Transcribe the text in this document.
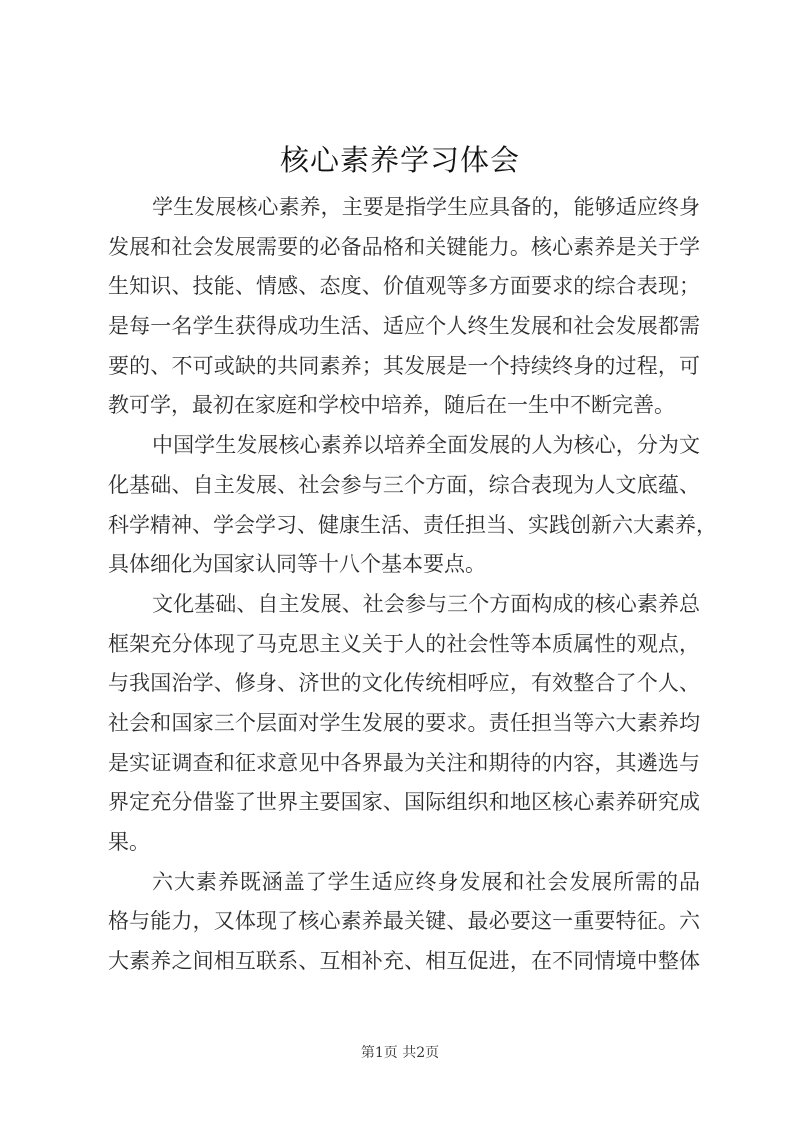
核心素养学习体会
学生发展核心素养，主要是指学生应具备的，能够适应终身
发展和社会发展需要的必备品格和关键能力。核心素养是关于学
生知识、技能、情感、态度、价值观等多方面要求的综合表现；
是每一名学生获得成功生活、适应个人终生发展和社会发展都需
要的、不可或缺的共同素养；其发展是一个持续终身的过程，可
教可学，最初在家庭和学校中培养，随后在一生中不断完善。
中国学生发展核心素养以培养全面发展的人为核心，分为文
化基础、自主发展、社会参与三个方面，综合表现为人文底蕴、
科学精神、学会学习、健康生活、责任担当、实践创新六大素养，
具体细化为国家认同等十八个基本要点。
文化基础、自主发展、社会参与三个方面构成的核心素养总
框架充分体现了马克思主义关于人的社会性等本质属性的观点，
与我国治学、修身、济世的文化传统相呼应，有效整合了个人、
社会和国家三个层面对学生发展的要求。责任担当等六大素养均
是实证调查和征求意见中各界最为关注和期待的内容，其遴选与
界定充分借鉴了世界主要国家、国际组织和地区核心素养研究成
果。
六大素养既涵盖了学生适应终身发展和社会发展所需的品
格与能力，又体现了核心素养最关键、最必要这一重要特征。六
大素养之间相互联系、互相补充、相互促进，在不同情境中整体
第1页 共2页
